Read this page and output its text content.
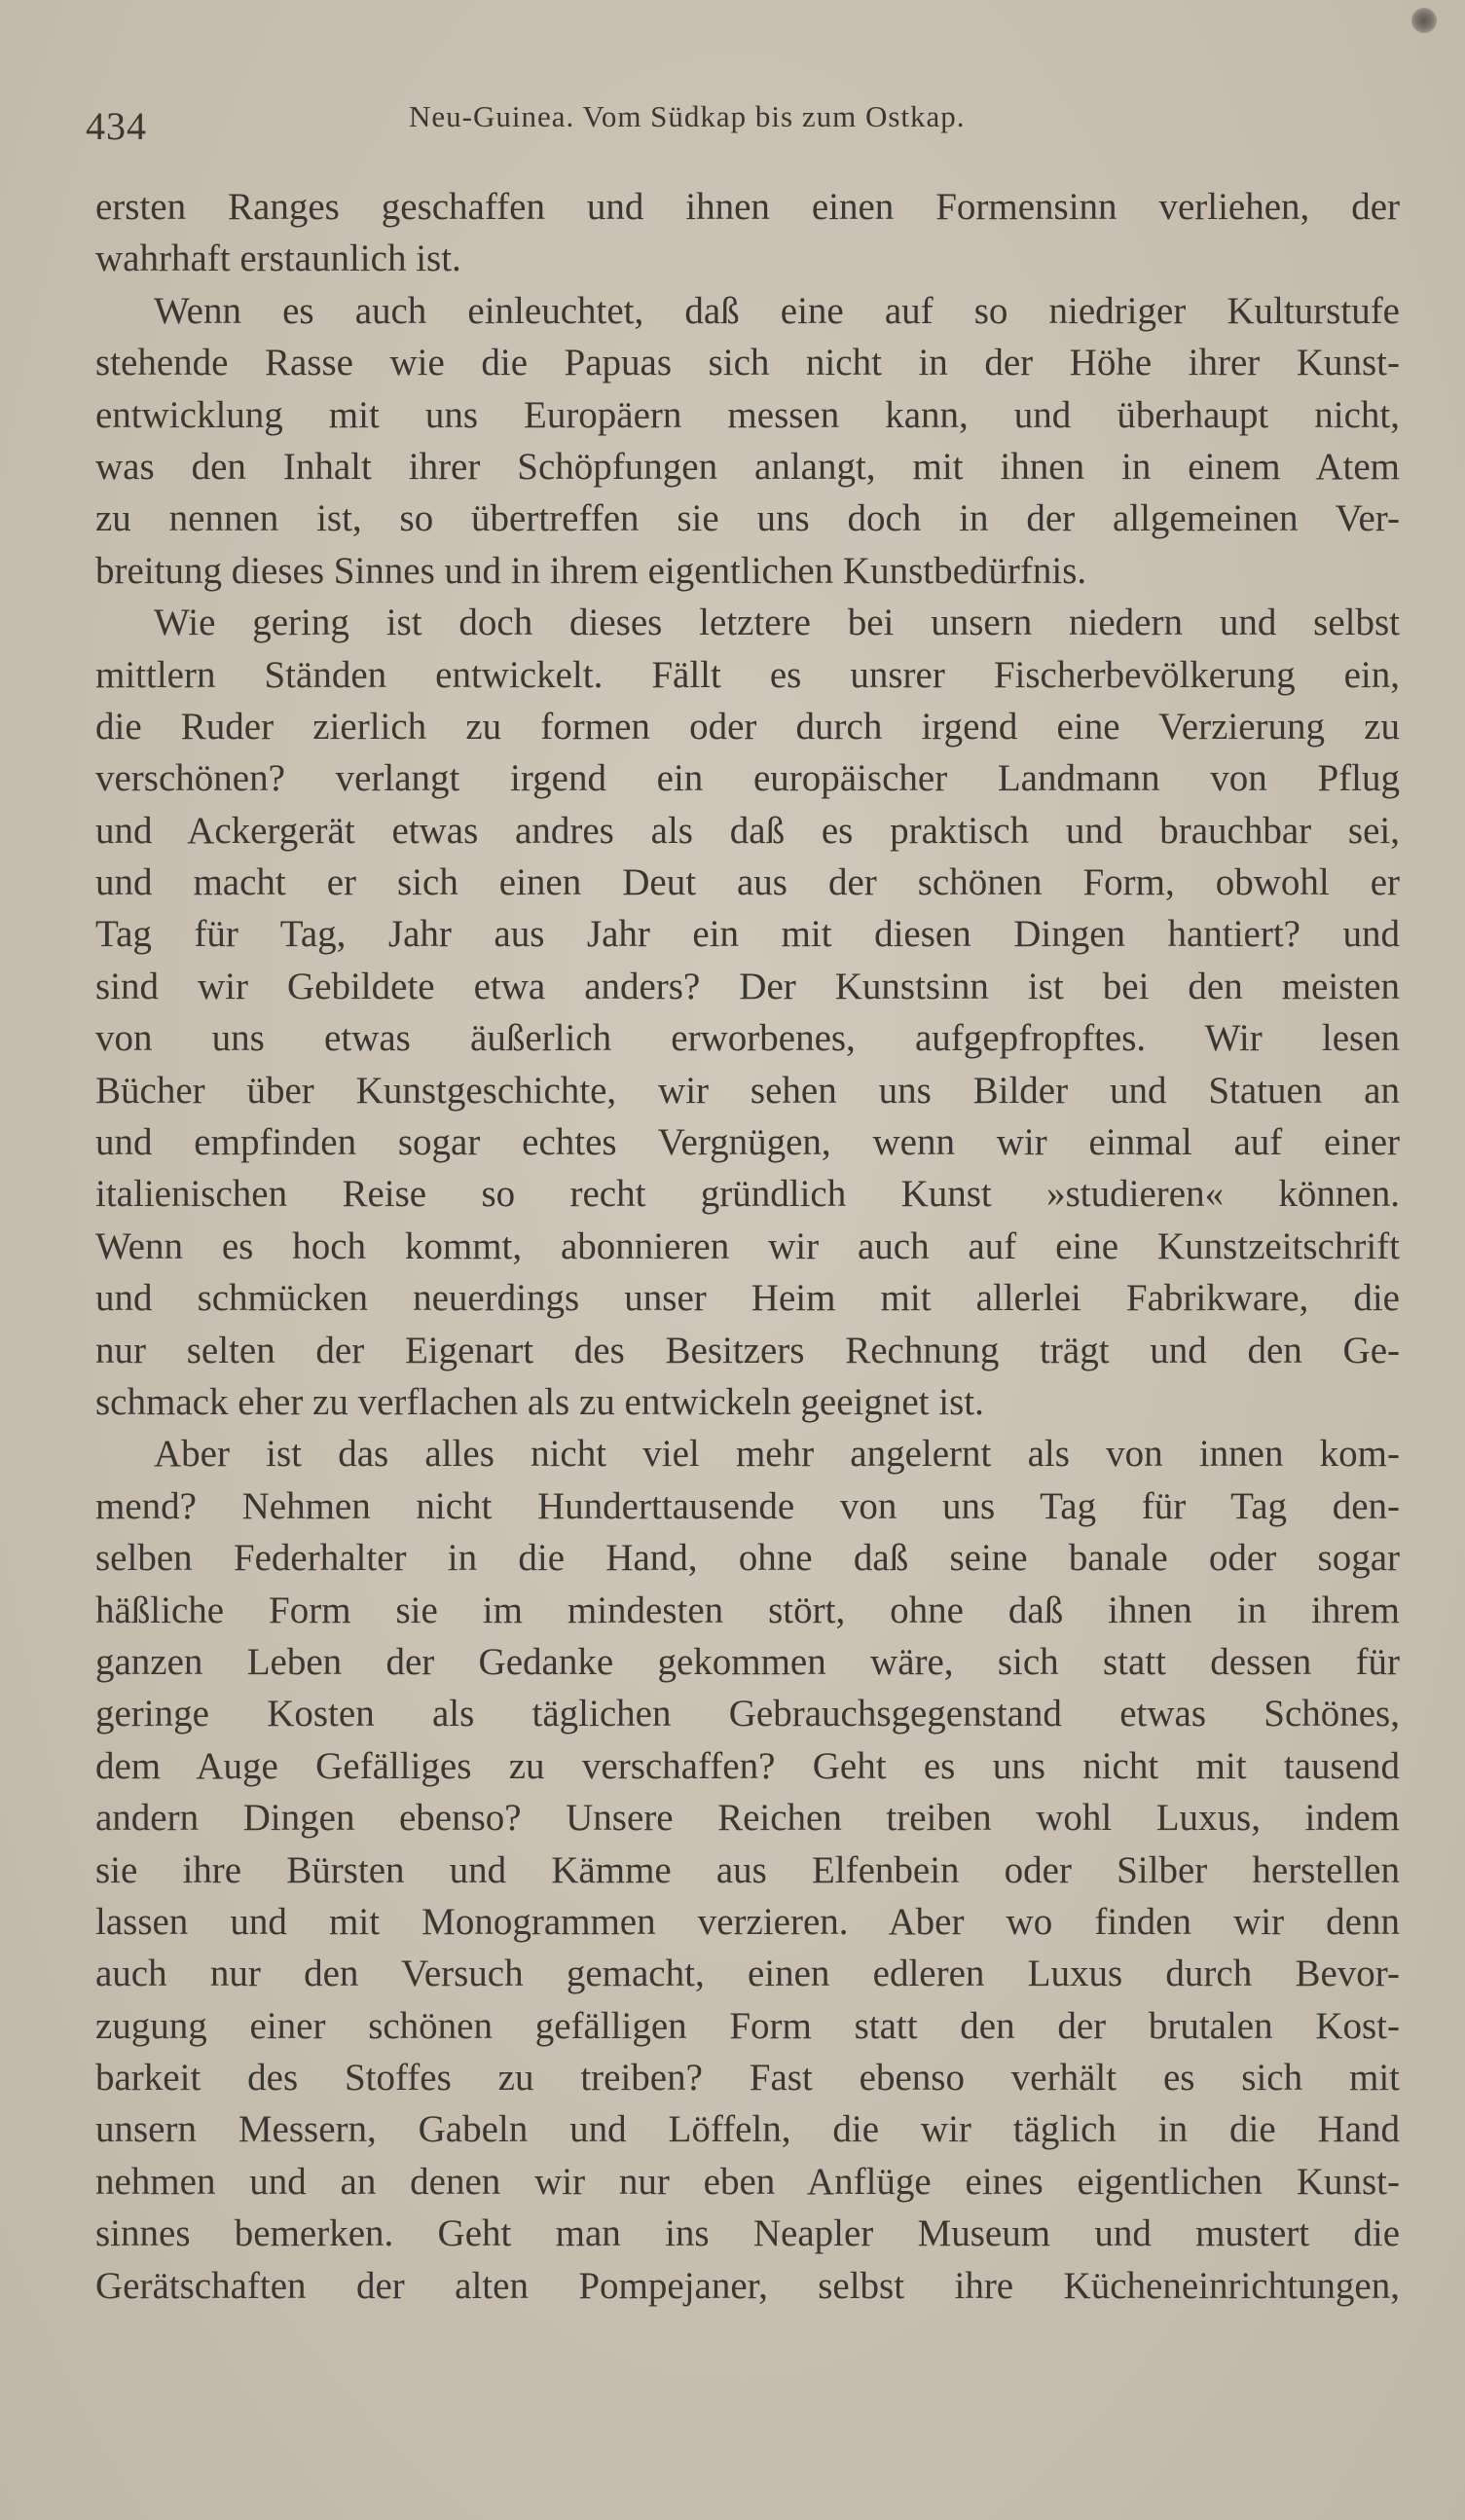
434	Neu-Guinea. Vom Südkap bis zum Ostkap.
ersten Ranges geschaffen und ihnen einen Formensinn verliehen, der
wahrhaft erstaunlich ist.
Wenn es auch einleuchtet, daß eine auf so niedriger Kulturstufe
stehende Rasse wie die Papuas sich nicht in der Höhe ihrer Kunst-
entwicklung mit uns Europäern messen kann, und überhaupt nicht,
was den Inhalt ihrer Schöpfungen anlangt, mit ihnen in einem Atem
zu nennen ist, so übertreffen sie uns doch in der allgemeinen Ver-
breitung dieses Sinnes und in ihrem eigentlichen Kunstbedürfnis.
Wie gering ist doch dieses letztere bei unsern niedern und selbst
mittlern Ständen entwickelt. Fällt es unsrer Fischerbevölkerung ein,
die Ruder zierlich zu formen oder durch irgend eine Verzierung zu
verschönen? verlangt irgend ein europäischer Landmann von Pflug
und Ackergerät etwas andres als daß es praktisch und brauchbar sei,
und macht er sich einen Deut aus der schönen Form, obwohl er
Tag für Tag, Jahr aus Jahr ein mit diesen Dingen hantiert? und
sind wir Gebildete etwa anders? Der Kunstsinn ist bei den meisten
von uns etwas äußerlich erworbenes, aufgepfropftes. Wir lesen
Bücher über Kunstgeschichte, wir sehen uns Bilder und Statuen an
und empfinden sogar echtes Vergnügen, wenn wir einmal auf einer
italienischen Reise so recht gründlich Kunst »studieren« können.
Wenn es hoch kommt, abonnieren wir auch auf eine Kunstzeitschrift
und schmücken neuerdings unser Heim mit allerlei Fabrikware, die
nur selten der Eigenart des Besitzers Rechnung trägt und den Ge-
schmack eher zu verflachen als zu entwickeln geeignet ist.
Aber ist das alles nicht viel mehr angelernt als von innen kom-
mend? Nehmen nicht Hunderttausende von uns Tag für Tag den-
selben Federhalter in die Hand, ohne daß seine banale oder sogar
häßliche Form sie im mindesten stört, ohne daß ihnen in ihrem
ganzen Leben der Gedanke gekommen wäre, sich statt dessen für
geringe Kosten als täglichen Gebrauchsgegenstand etwas Schönes,
dem Auge Gefälliges zu verschaffen? Geht es uns nicht mit tausend
andern Dingen ebenso? Unsere Reichen treiben wohl Luxus, indem
sie ihre Bürsten und Kämme aus Elfenbein oder Silber herstellen
lassen und mit Monogrammen verzieren. Aber wo finden wir denn
auch nur den Versuch gemacht, einen edleren Luxus durch Bevor-
zugung einer schönen gefälligen Form statt den der brutalen Kost-
barkeit des Stoffes zu treiben? Fast ebenso verhält es sich mit
unsern Messern, Gabeln und Löffeln, die wir täglich in die Hand
nehmen und an denen wir nur eben Anflüge eines eigentlichen Kunst-
sinnes bemerken. Geht man ins Neapler Museum und mustert die
Gerätschaften der alten Pompejaner, selbst ihre Kücheneinrichtungen,
